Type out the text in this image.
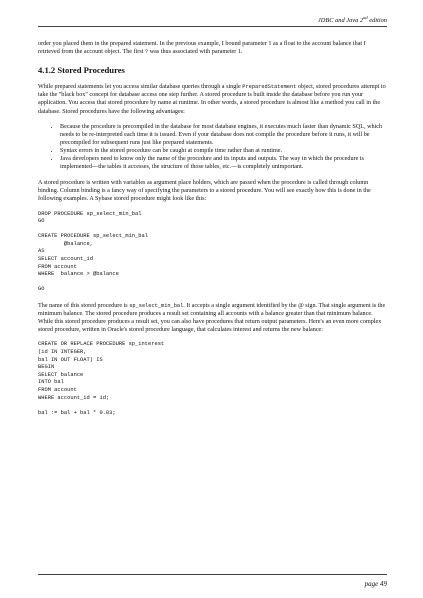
JDBC and Java 2nd edition

order you placed them in the prepared statement. In the previous example, I bound parameter 1 as a float to the account balance that I retrieved from the account object. The first ? was thus associated with parameter 1.

4.1.2 Stored Procedures

While prepared statements let you access similar database queries through a single PreparedStatement object, stored procedures attempt to take the "black box" concept for database access one step further. A stored procedure is built inside the database before you run your application. You access that stored procedure by name at runtime. In other words, a stored procedure is almost like a method you call in the database. Stored procedures have the following advantages:

• Because the procedure is precompiled in the database for most database engines, it executes much faster than dynamic SQL, which needs to be re-interpreted each time it is issued. Even if your database does not compile the procedure before it runs, it will be precompiled for subsequent runs just like prepared statements.
• Syntax errors in the stored procedure can be caught at compile time rather than at runtime.
• Java developers need to know only the name of the procedure and its inputs and outputs. The way in which the procedure is implemented—the tables it accesses, the structure of those tables, etc.—is completely unimportant.

A stored procedure is written with variables as argument place holders, which are passed when the procedure is called through column binding. Column binding is a fancy way of specifying the parameters to a stored procedure. You will see exactly how this is done in the following examples. A Sybase stored procedure might look like this:

DROP PROCEDURE sp_select_min_bal
GO

CREATE PROCEDURE sp_select_min_bal
@balance,
AS
SELECT account_id
FROM account
WHERE  balance > @balance

GO

The name of this stored procedure is sp_select_min_bal. It accepts a single argument identified by the @ sign. That single argument is the minimum balance. The stored procedure produces a result set containing all accounts with a balance greater than that minimum balance. While this stored procedure produces a result set, you can also have procedures that return output parameters. Here's an even more complex stored procedure, written in Oracle's stored procedure language, that calculates interest and returns the new balance:

CREATE OR REPLACE PROCEDURE sp_interest
(id IN INTEGER,
bal IN OUT FLOAT) IS
BEGIN
SELECT balance
INTO bal
FROM account
WHERE account_id = id;

bal := bal + bal * 0.03;
page 49
